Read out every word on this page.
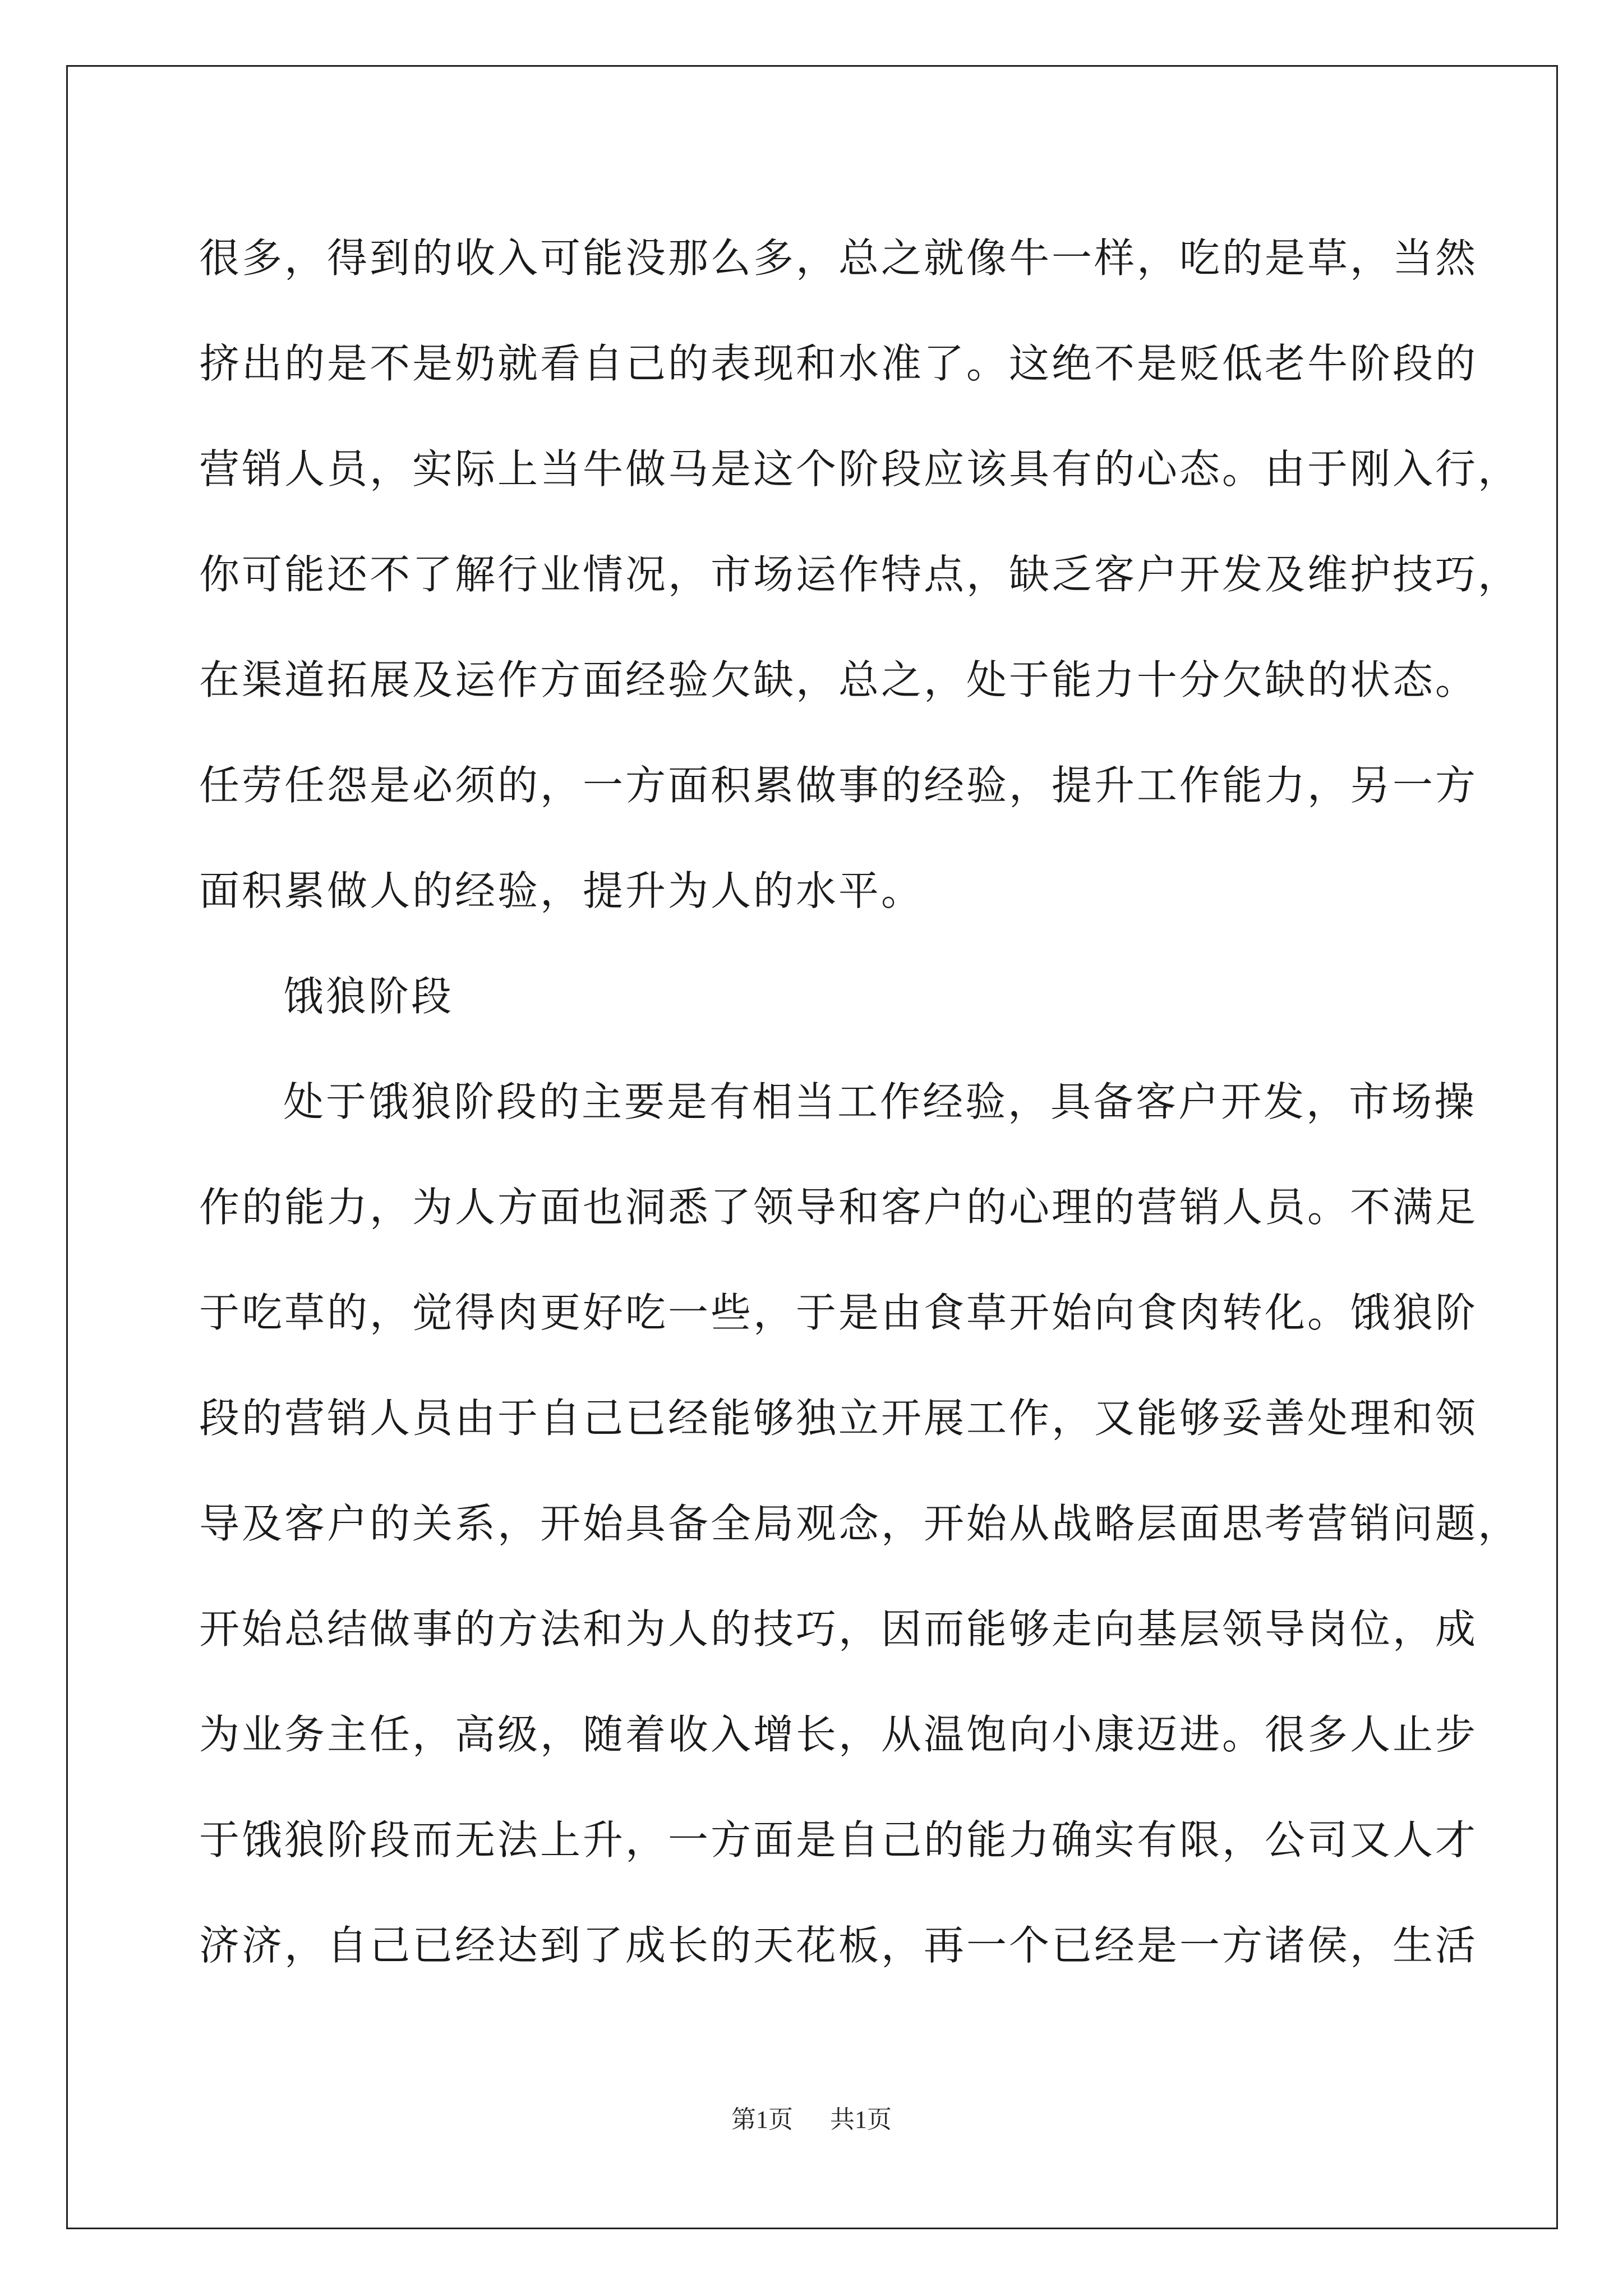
很多，得到的收入可能没那么多，总之就像牛一样，吃的是草，当然
挤出的是不是奶就看自己的表现和水准了。这绝不是贬低老牛阶段的
营销人员，实际上当牛做马是这个阶段应该具有的心态。由于刚入行，
你可能还不了解行业情况，市场运作特点，缺乏客户开发及维护技巧，
在渠道拓展及运作方面经验欠缺，总之，处于能力十分欠缺的状态。
任劳任怨是必须的，一方面积累做事的经验，提升工作能力，另一方
面积累做人的经验，提升为人的水平。
饿狼阶段
处于饿狼阶段的主要是有相当工作经验，具备客户开发，市场操
作的能力，为人方面也洞悉了领导和客户的心理的营销人员。不满足
于吃草的，觉得肉更好吃一些，于是由食草开始向食肉转化。饿狼阶
段的营销人员由于自己已经能够独立开展工作，又能够妥善处理和领
导及客户的关系，开始具备全局观念，开始从战略层面思考营销问题，
开始总结做事的方法和为人的技巧，因而能够走向基层领导岗位，成
为业务主任，高级，随着收入增长，从温饱向小康迈进。很多人止步
于饿狼阶段而无法上升，一方面是自己的能力确实有限，公司又人才
济济，自己已经达到了成长的天花板，再一个已经是一方诸侯，生活
第1页 共1页
